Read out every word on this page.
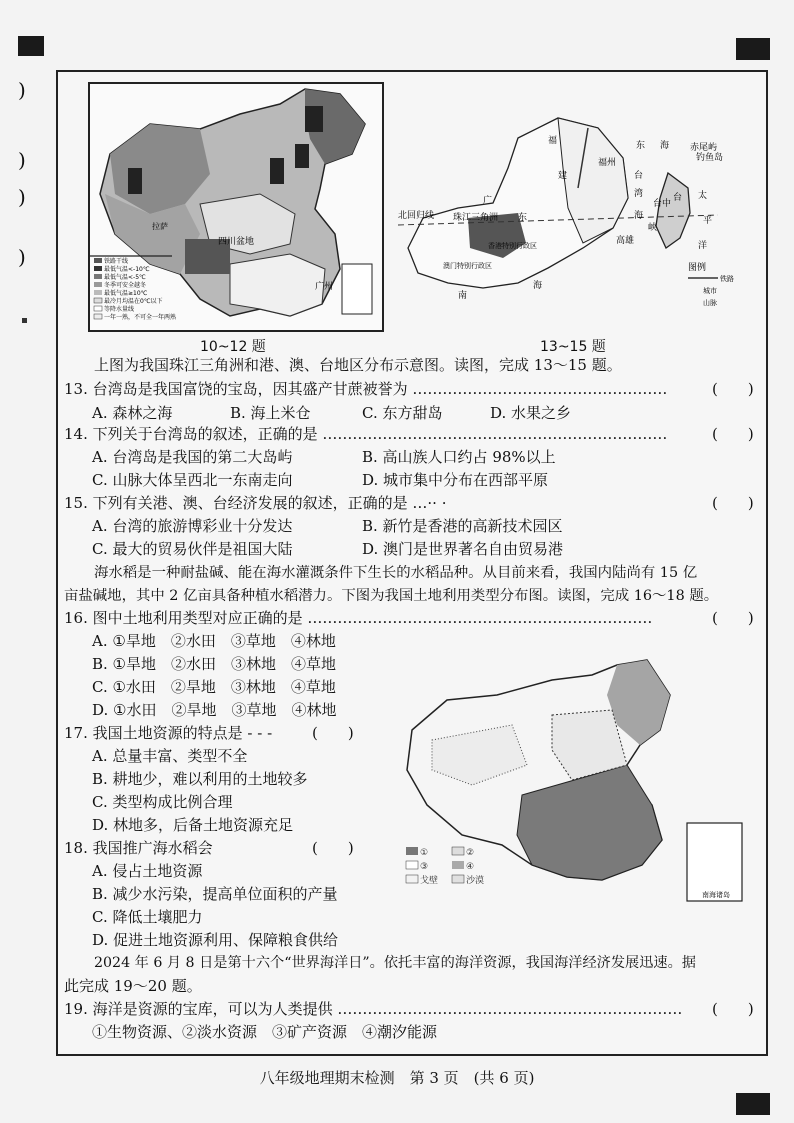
)
)
)
)
四川盆地
广州
拉萨
铁路干线
最低气温<-10℃
最低气温<-5℃
冬季可安全越冬
最低气温≥10℃
最冷月均温在0℃以下
等降水量线
一年一熟，不可全一年两熟
福
建
福州
东 海
台
湾
海
峡
台中
高雄
台
钓鱼岛
赤尾屿
北回归线 珠江三角洲
广
东
香港特别行政区
澳门特别行政区
南
海
太
平
洋
图例
铁路
城市
山脉
10~12 题	13~15 题
上图为我国珠江三角洲和港、澳、台地区分布示意图。读图，完成 13～15 题。
13. 台湾岛是我国富饶的宝岛，因其盛产甘蔗被誉为 ……………………………………………	(　　)
A. 森林之海	B. 海上米仓	C. 东方甜岛	D. 水果之乡
14. 下列关于台湾岛的叙述，正确的是 ……………………………………………………………	(　　)
A. 台湾岛是我国的第二大岛屿	B. 高山族人口约占 98%以上
C. 山脉大体呈西北一东南走向	D. 城市集中分布在西部平原
15. 下列有关港、澳、台经济发展的叙述，正确的是 …·· ·	(　　)
A. 台湾的旅游博彩业十分发达	B. 新竹是香港的高新技术园区
C. 最大的贸易伙伴是祖国大陆	D. 澳门是世界著名自由贸易港
海水稻是一种耐盐碱、能在海水灌溉条件下生长的水稻品种。从目前来看，我国内陆尚有 15 亿
亩盐碱地，其中 2 亿亩具备种植水稻潜力。下图为我国土地利用类型分布图。读图，完成 16～18 题。
16. 图中土地利用类型对应正确的是 ……………………………………………………………	(　　)
A. ①旱地　②水田　③草地　④林地
B. ①旱地　②水田　③林地　④草地
C. ①水田　②旱地　③林地　④草地
D. ①水田　②旱地　③草地　④林地
17. 我国土地资源的特点是 - - -	(　　)
A. 总量丰富、类型不全
B. 耕地少，难以利用的土地较多
C. 类型构成比例合理
D. 林地多，后备土地资源充足
18. 我国推广海水稻会	(　　)
A. 侵占土地资源
B. 减少水污染，提高单位面积的产量
C. 降低土壤肥力
D. 促进土地资源利用、保障粮食供给
南海诸岛
①	②
③	④
戈壁	沙漠
2024 年 6 月 8 日是第十六个“世界海洋日”。依托丰富的海洋资源，我国海洋经济发展迅速。据
此完成 19～20 题。
19. 海洋是资源的宝库，可以为人类提供 …………………………………………………………… (　　)
①生物资源、②淡水资源　③矿产资源　④潮汐能源
八年级地理期末检测　第 3 页　(共 6 页)
